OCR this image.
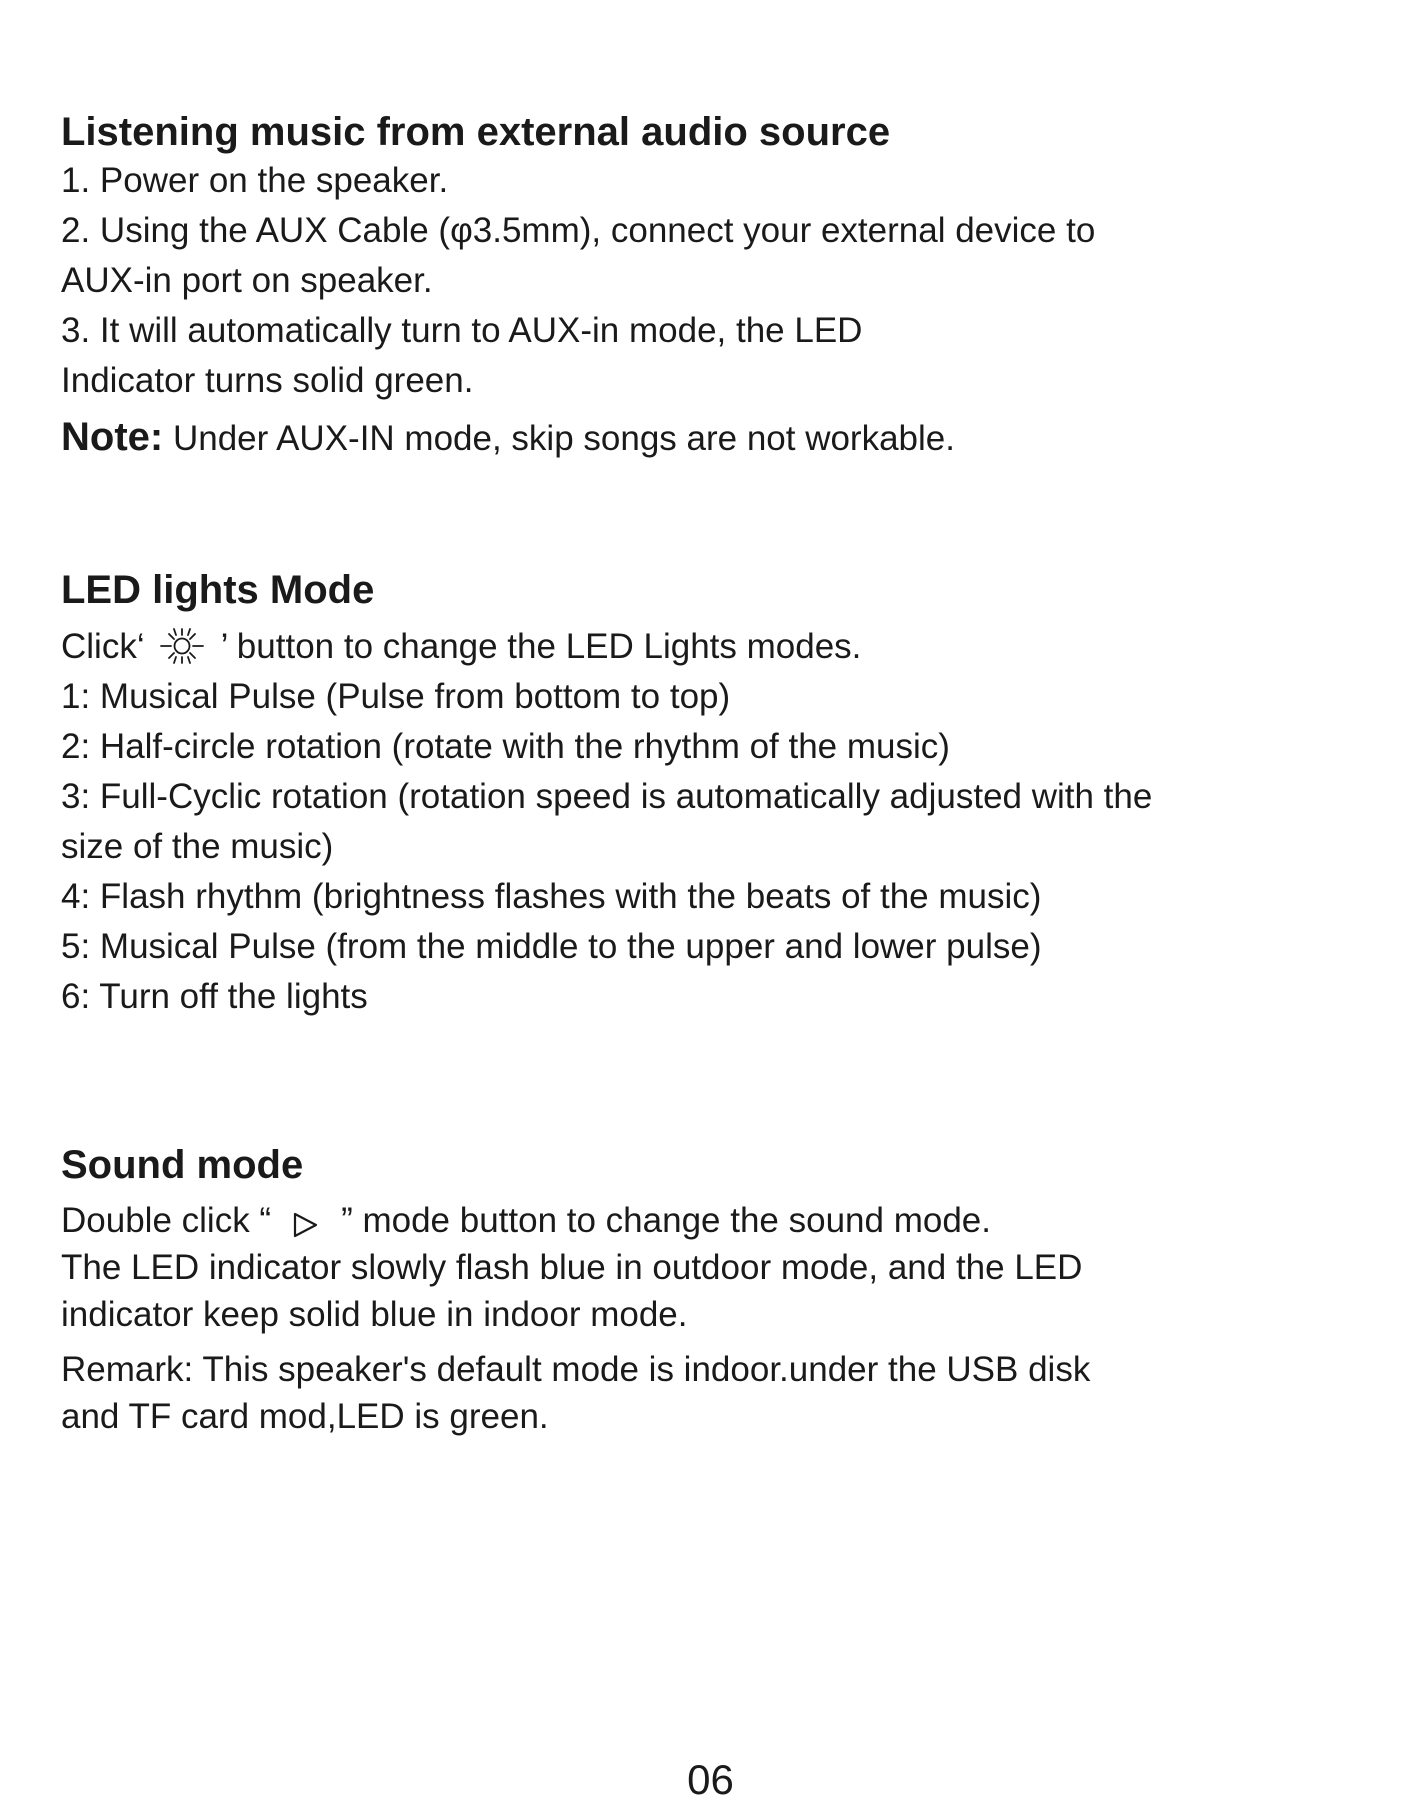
Listening music from external audio source
1. Power on the speaker.
2. Using the AUX Cable (φ3.5mm), connect your external device to
AUX-in port on speaker.
3. It will automatically turn to AUX-in mode, the LED
Indicator turns solid green.
Note: Under AUX-IN mode, skip songs are not workable.
LED lights Mode
Click‘ ’ button to change the LED Lights modes.
1: Musical Pulse (Pulse from bottom to top)
2: Half-circle rotation (rotate with the rhythm of the music)
3: Full-Cyclic rotation (rotation speed is automatically adjusted with the
size of the music)
4: Flash rhythm (brightness flashes with the beats of the music)
5: Musical Pulse (from the middle to the upper and lower pulse)
6: Turn off the lights
Sound mode
Double click “ ” mode button to change the sound mode.
The LED indicator slowly flash blue in outdoor mode, and the LED
indicator keep solid blue in indoor mode.
Remark: This speaker's default mode is indoor.under the USB disk
and TF card mod,LED is green.
06
